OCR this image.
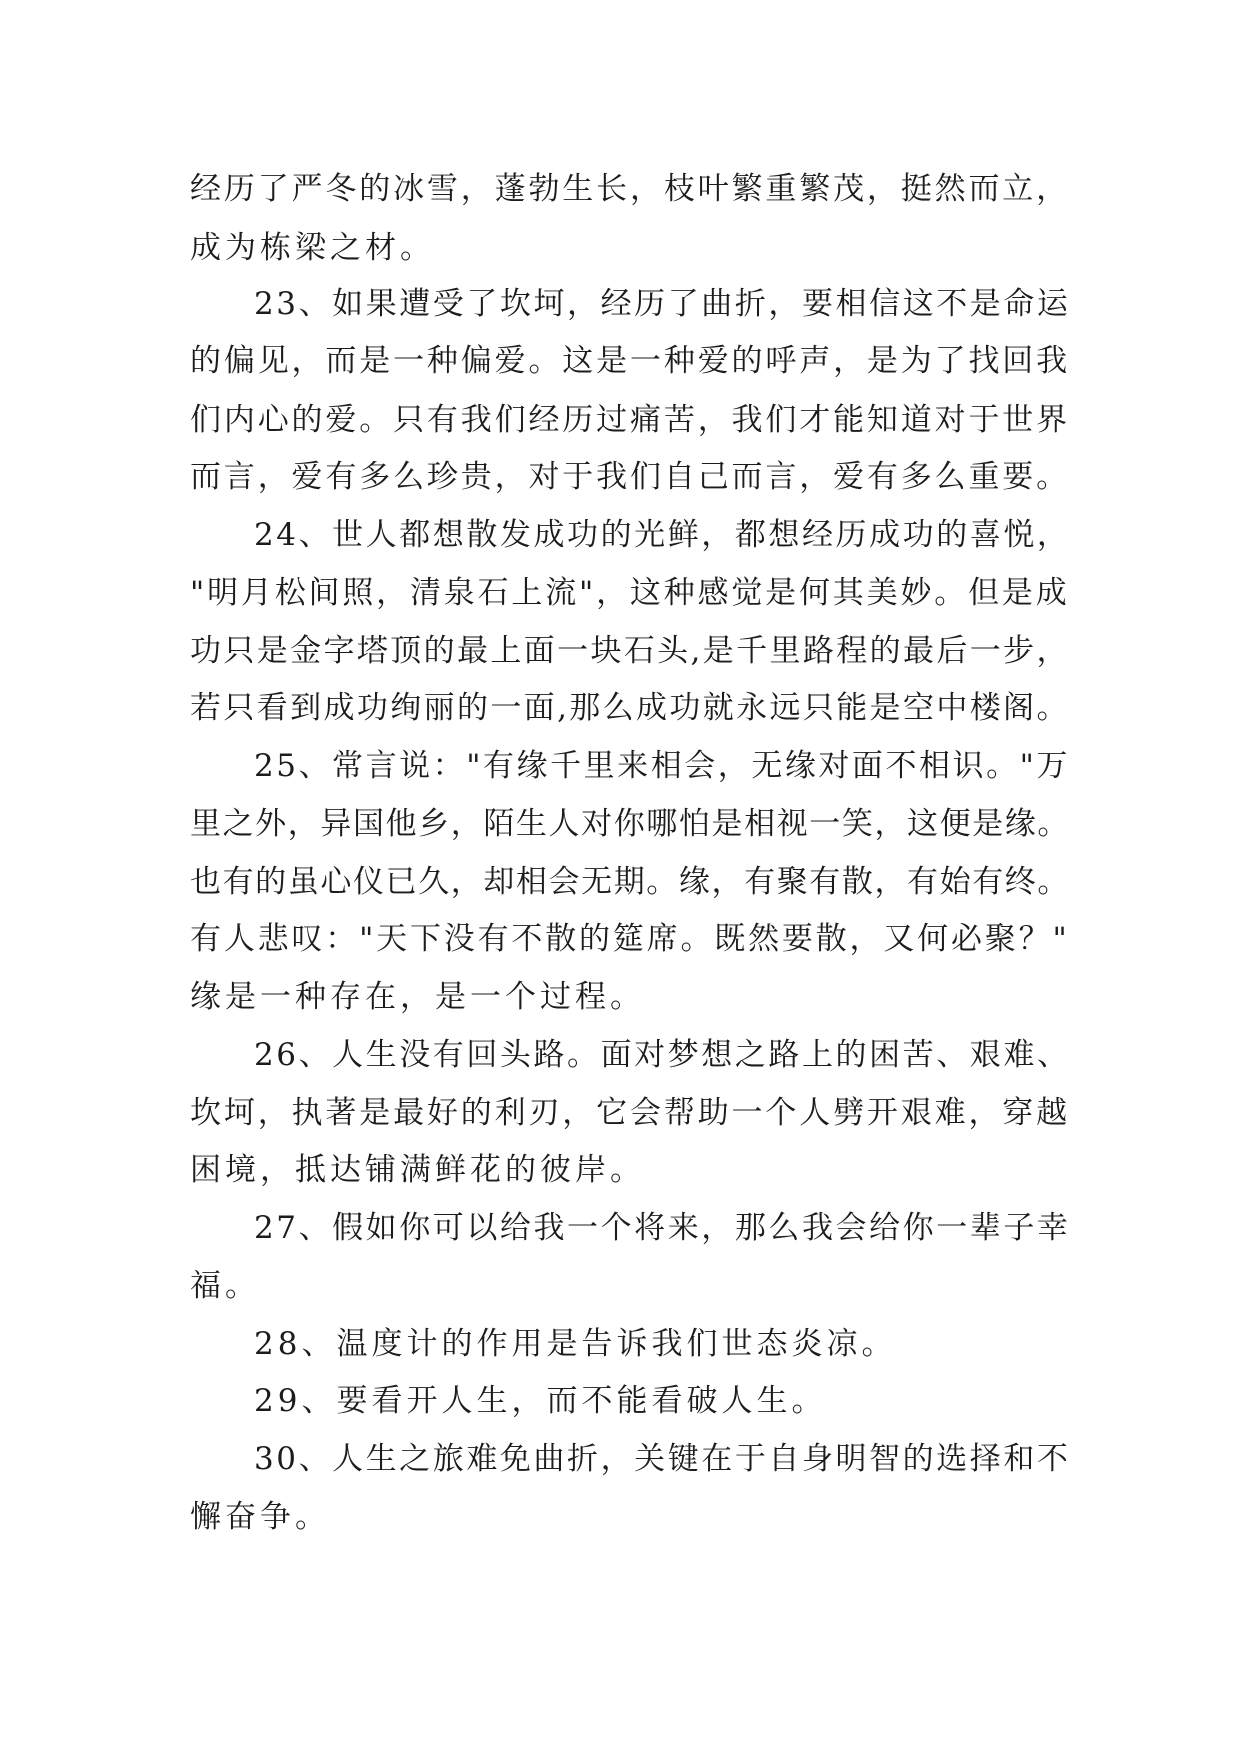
经历了严冬的冰雪，蓬勃生长，枝叶繁重繁茂，挺然而立，
成为栋梁之材。
23、如果遭受了坎坷，经历了曲折，要相信这不是命运
的偏见，而是一种偏爱。这是一种爱的呼声，是为了找回我
们内心的爱。只有我们经历过痛苦，我们才能知道对于世界
而言，爱有多么珍贵，对于我们自己而言，爱有多么重要。
24、世人都想散发成功的光鲜，都想经历成功的喜悦，
"明月松间照，清泉石上流"，这种感觉是何其美妙。但是成
功只是金字塔顶的最上面一块石头,是千里路程的最后一步，
若只看到成功绚丽的一面,那么成功就永远只能是空中楼阁。
25、常言说："有缘千里来相会，无缘对面不相识。"万
里之外，异国他乡，陌生人对你哪怕是相视一笑，这便是缘。
也有的虽心仪已久，却相会无期。缘，有聚有散，有始有终。
有人悲叹："天下没有不散的筵席。既然要散，又何必聚？"
缘是一种存在，是一个过程。
26、人生没有回头路。面对梦想之路上的困苦、艰难、
坎坷，执著是最好的利刃，它会帮助一个人劈开艰难，穿越
困境，抵达铺满鲜花的彼岸。
27、假如你可以给我一个将来，那么我会给你一辈子幸
福。
28、温度计的作用是告诉我们世态炎凉。
29、要看开人生，而不能看破人生。
30、人生之旅难免曲折，关键在于自身明智的选择和不
懈奋争。
